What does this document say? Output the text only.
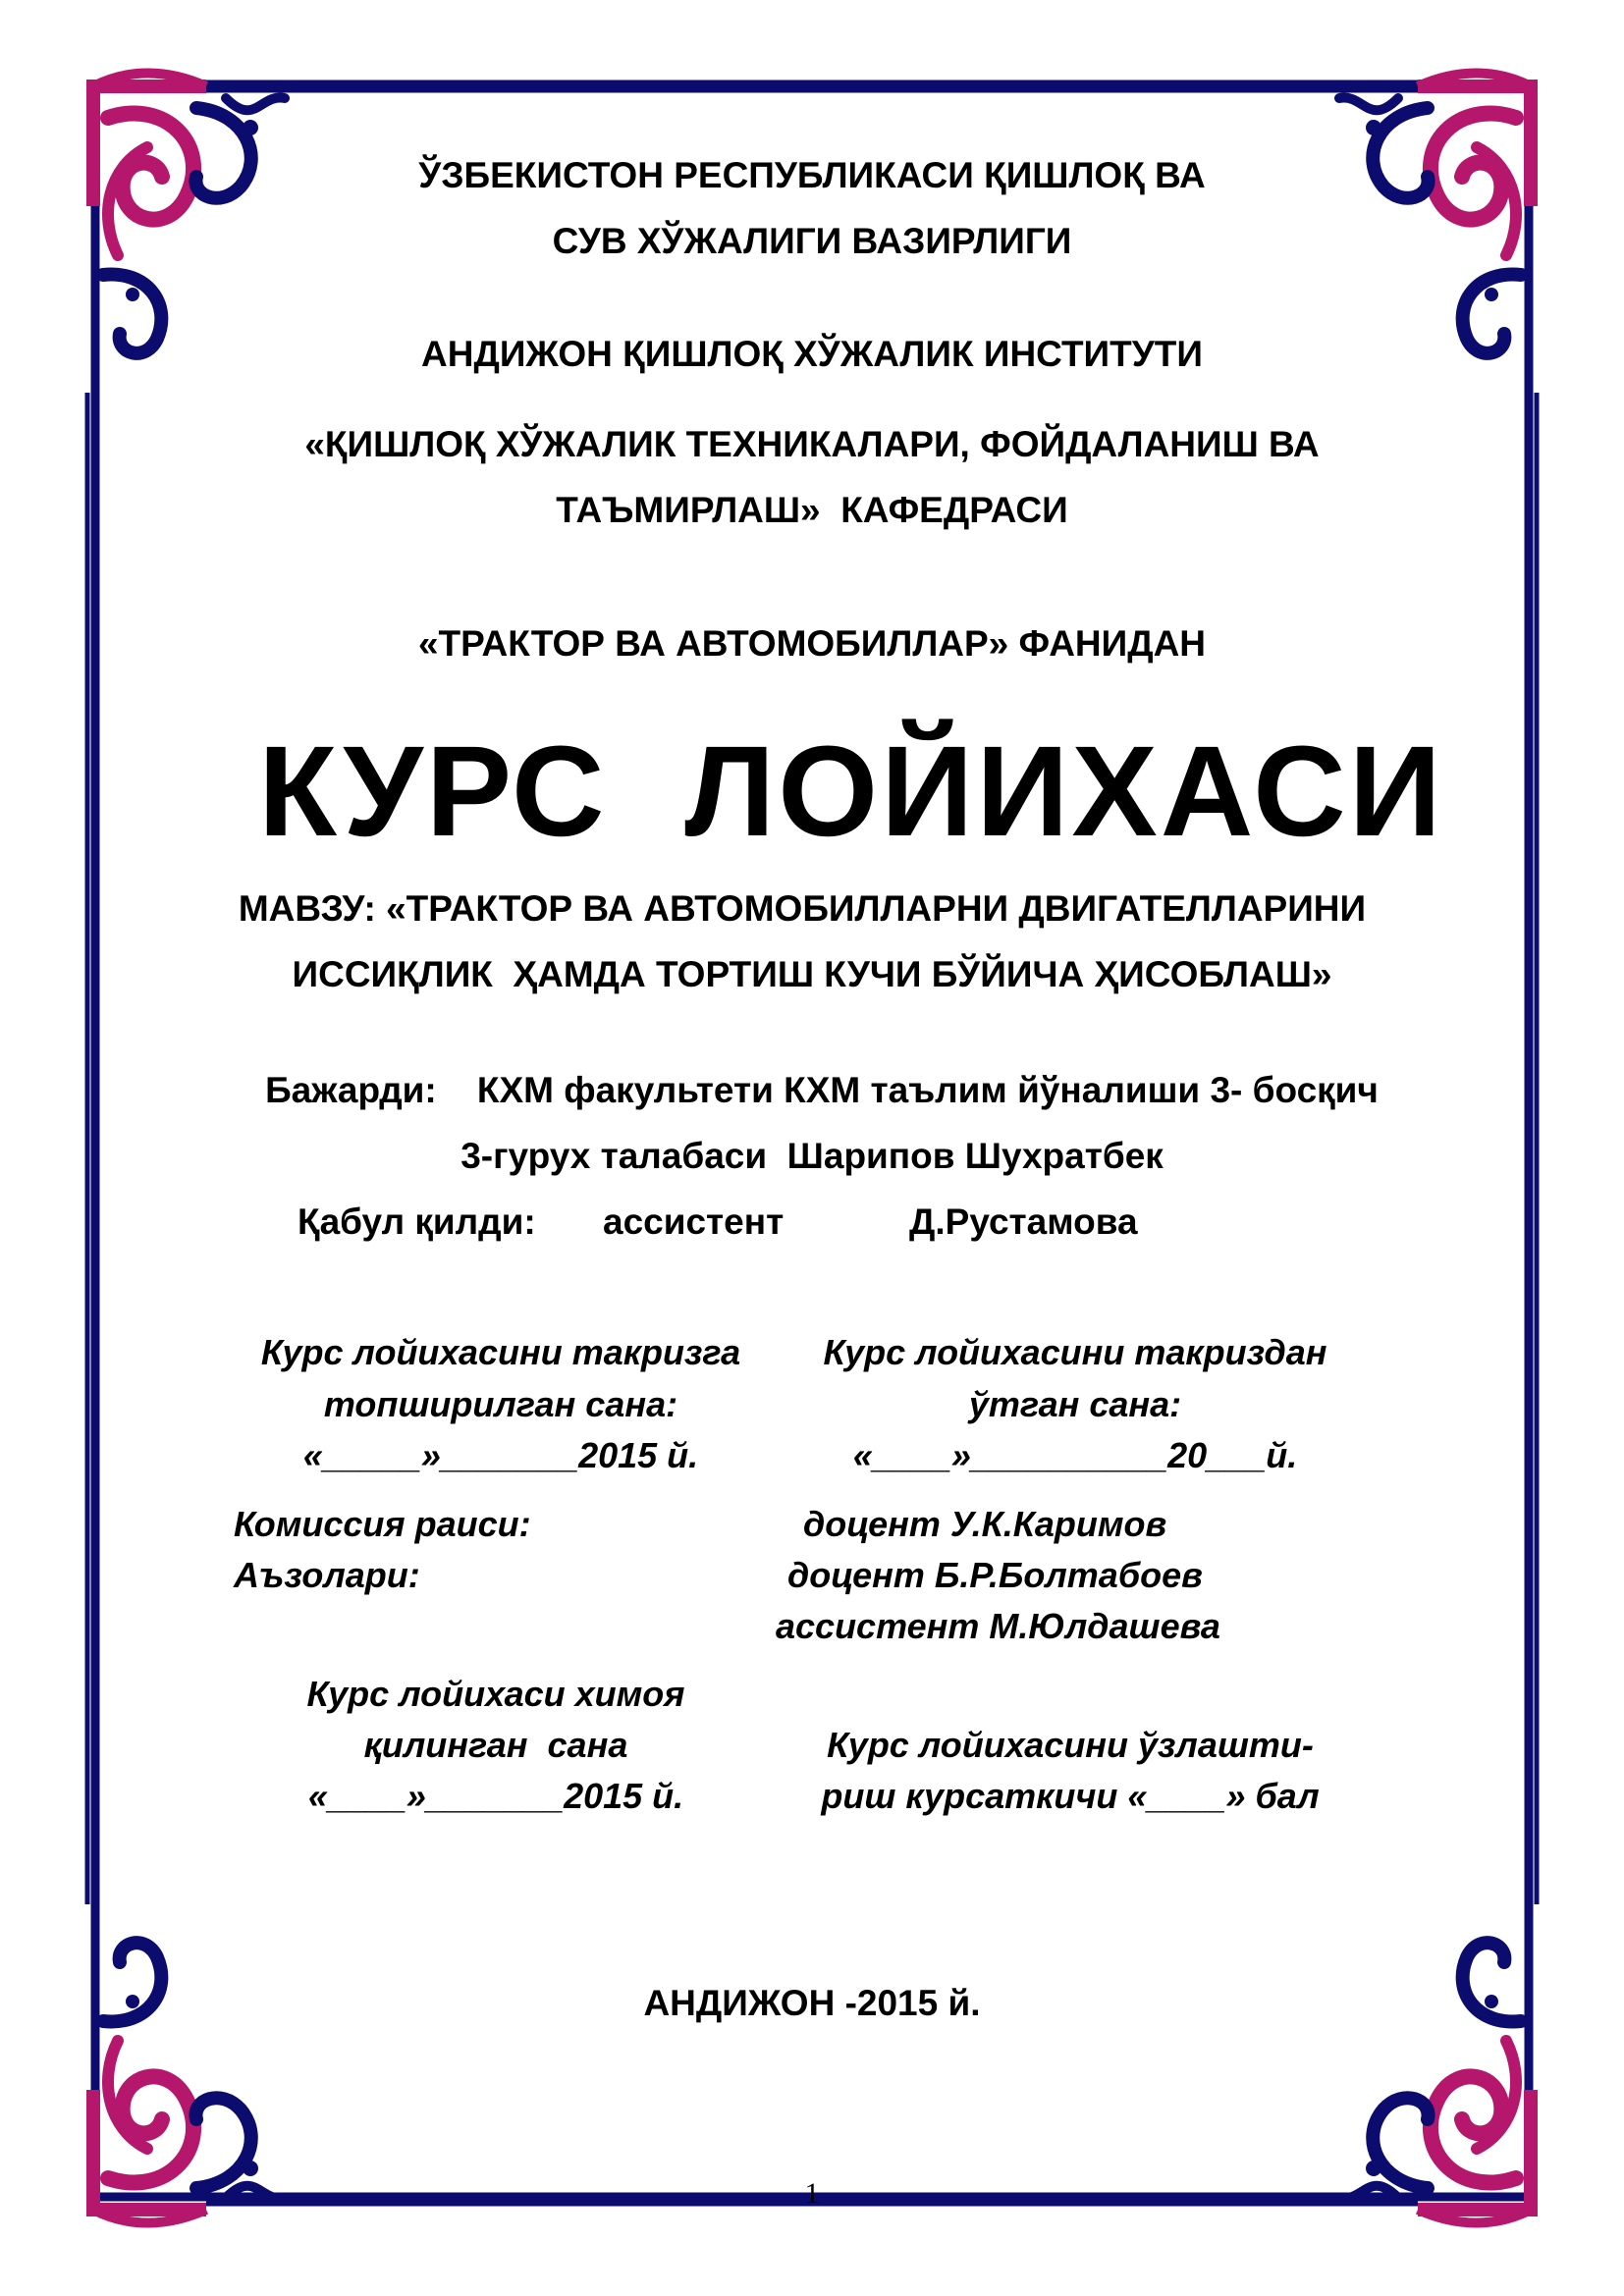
ЎЗБЕКИСТОН РЕСПУБЛИКАСИ ҚИШЛОҚ ВА
СУВ ХЎЖАЛИГИ ВАЗИРЛИГИ
АНДИЖОН ҚИШЛОҚ ХЎЖАЛИК ИНСТИТУТИ
«ҚИШЛОҚ ХЎЖАЛИК ТЕХНИКАЛАРИ, ФОЙДАЛАНИШ ВА
ТАЪМИРЛАШ»  КАФЕДРАСИ
«ТРАКТОР ВА АВТОМОБИЛЛАР» ФАНИДАН
КУРС  ЛОЙИХАСИ
МАВЗУ: «ТРАКТОР ВА АВТОМОБИЛЛАРНИ ДВИГАТЕЛЛАРИНИ
ИССИҚЛИК  ҲАМДА ТОРТИШ КУЧИ БЎЙИЧА ҲИСОБЛАШ»
Бажарди:    КХМ факультети КХМ таълим йўналиши 3- босқич
3-гурух талабаси  Шарипов Шухратбек
Қабул қилди: ассистент	Д.Рустамова
Курс лойихасини такризга
топширилган сана:
«_____»_______2015 й.
Курс лойихасини такриздан
ўтган сана:
«____»__________20___й.
Комиссия раиси:	доцент У.К.Каримов
Аъзолари:	доцент Б.Р.Болтабоев
ассистент М.Юлдашева
Курс лойихаси химоя
қилинган  сана
«____»_______2015 й.
Курс лойихасини ўзлашти-
риш курсаткичи «____» бал
АНДИЖОН -2015 й.
1
